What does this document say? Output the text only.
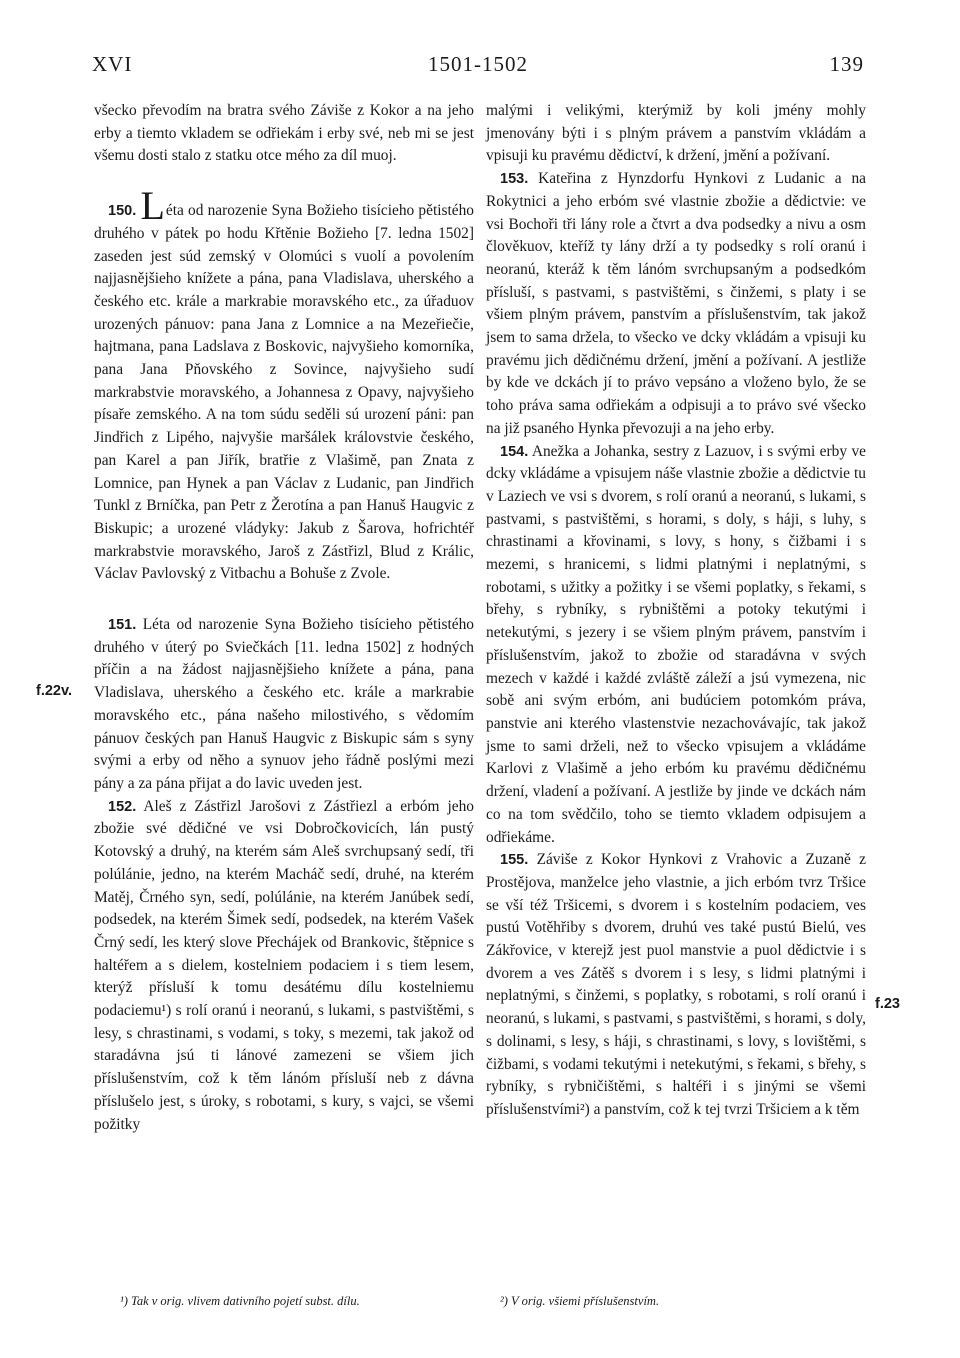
XVI	1501-1502	139

všecko převodím na bratra svého Záviše z Kokor a na jeho erby a tiemto vkladem se odřiekám i erby své, neb mi se jest všemu dosti stalo z statku otce mého za díl muoj.

150. Léta od narozenie Syna Božieho tisícieho pětistého druhého v pátek po hodu Křtěnie Božieho [7. ledna 1502] zaseden jest súd zemský v Olomúci s vuolí a povolením najjasnějšieho knížete a pána, pana Vladislava, uherského a českého etc. krále a markrabie moravského etc., za úřaduov urozených pánuov: pana Jana z Lomnice a na Mezeřiečie, hajtmana, pana Ladslava z Boskovic, najvyšieho komorníka, pana Jana Pňovského z Sovince, najvyšieho sudí markrabstvie moravského, a Johannesa z Opavy, najvyšieho písaře zemského. A na tom súdu seděli sú urození páni: pan Jindřich z Lipého, najvyšie maršálek královstvie českého, pan Karel a pan Jiřík, bratřie z Vlašimě, pan Znata z Lomnice, pan Hynek a pan Václav z Ludanic, pan Jindřich Tunkl z Brníčka, pan Petr z Žerotína a pan Hanuš Haugvic z Biskupic; a urozené vládyky: Jakub z Šarova, hofrichtéř markrabstvie moravského, Jaroš z Zástřizl, Blud z Králic, Václav Pavlovský z Vitbachu a Bohuše z Zvole.

151. Léta od narozenie Syna Božieho tisícieho pětistého druhého v úterý po Sviečkách [11. ledna 1502] z hodných příčin a na žádost najjasnějšieho knížete a pána, pana Vladislava, uherského a českého etc. krále a markrabie moravského etc., pána našeho milostivého, s vědomím pánuov českých pan Hanuš Haugvic z Biskupic sám s syny svými a erby od něho a synuov jeho řádně poslými mezi pány a za pána přijat a do lavic uveden jest.

152. Aleš z Zástřizl Jarošovi z Zástřiezl a erbóm jeho zbožie své dědičné ve vsi Dobročkovicích, lán pustý Kotovský a druhý, na kterém sám Aleš svrchupsaný sedí, tři polúlánie, jedno, na kterém Macháč sedí, druhé, na kterém Matěj, Črného syn, sedí, polúlánie, na kterém Janúbek sedí, podsedek, na kterém Šimek sedí, podsedek, na kterém Vašek Črný sedí, les který slove Přechájek od Brankovic, štěpnice s haltéřem a s dielem, kostelniem podaciem i s tiem lesem, kterýž přísluší k tomu desátému dílu kostelniemu podaciemu¹) s rolí oranú i neoranú, s lukami, s pastvištěmi, s lesy, s chrastinami, s vodami, s toky, s mezemi, tak jakož od staradávna jsú ti lánové zamezeni se všiem jich příslušenstvím, což k těm lánóm přísluší neb z dávna příslušelo jest, s úroky, s robotami, s kury, s vajci, se všemi požitky

malými i velikými, kterýmiž by koli jmény mohly jmenovány býti i s plným právem a panstvím vkládám a vpisuji ku pravému dědictví, k držení, jmění a požívaní.

153. Kateřina z Hynzdorfu Hynkovi z Ludanic a na Rokytnici a jeho erbóm své vlastnie zbožie a dědictvie: ve vsi Bochoři tři lány role a čtvrt a dva podsedky a nivu a osm člověkuov, kteříž ty lány drží a ty podsedky s rolí oranú i neoranú, kteráž k těm lánóm svrchupsaným a podsedkóm přísluší, s pastvami, s pastvištěmi, s činžemi, s platy i se všiem plným právem, panstvím a příslušenstvím, tak jakož jsem to sama držela, to všecko ve dcky vkládám a vpisuji ku pravému jich dědičnému držení, jmění a požívaní. A jestliže by kde ve dckách jí to právo vepsáno a vloženo bylo, že se toho práva sama odřiekám a odpisuji a to právo své všecko na již psaného Hynka převozuji a na jeho erby.

154. Anežka a Johanka, sestry z Lazuov, i s svými erby ve dcky vkládáme a vpisujem náše vlastnie zbožie a dědictvie tu v Laziech ve vsi s dvorem, s rolí oranú a neoranú, s lukami, s pastvami, s pastvištěmi, s horami, s doly, s háji, s luhy, s chrastinami a křovinami, s lovy, s hony, s čižbami i s mezemi, s hranicemi, s lidmi platnými i neplatnými, s robotami, s užitky a požitky i se všemi poplatky, s řekami, s břehy, s rybníky, s rybništěmi a potoky tekutými i netekutými, s jezery i se všiem plným právem, panstvím i příslušenstvím, jakož to zbožie od staradávna v svých mezech v každé i každé zvláště záleží a jsú vymezena, nic sobě ani svým erbóm, ani budúciem potomkóm práva, panstvie ani kterého vlastenstvie nezachovávajíc, tak jakož jsme to sami drželi, než to všecko vpisujem a vkládáme Karlovi z Vlašimě a jeho erbóm ku pravému dědičnému držení, vladení a požívaní. A jestliže by jinde ve dckách nám co na tom svědčilo, toho se tiemto vkladem odpisujem a odřiekáme.

155. Záviše z Kokor Hynkovi z Vrahovic a Zuzaně z Prostějova, manželce jeho vlastnie, a jich erbóm tvrz Tršice se vší též Tršicemi, s dvorem i s kostelním podaciem, ves pustú Votěhřiby s dvorem, druhú ves také pustú Bielú, ves Zákřovice, v kterejž jest puol manstvie a puol dědictvie i s dvorem a ves Zátěš s dvorem i s lesy, s lidmi platnými i neplatnými, s činžemi, s poplatky, s robotami, s rolí oranú i neoranú, s lukami, s pastvami, s pastvištěmi, s horami, s doly, s dolinami, s lesy, s háji, s chrastinami, s lovy, s lovištěmi, s čižbami, s vodami tekutými i netekutými, s řekami, s břehy, s rybníky, s rybničištěmi, s haltéři i s jinými se všemi příslušenstvími²) a panstvím, což k tej tvrzi Tršiciem a k těm

f.22v.
f.23
¹) Tak v orig. vlivem dativního pojetí subst. dílu.	²) V orig. všiemi příslušenstvím.
